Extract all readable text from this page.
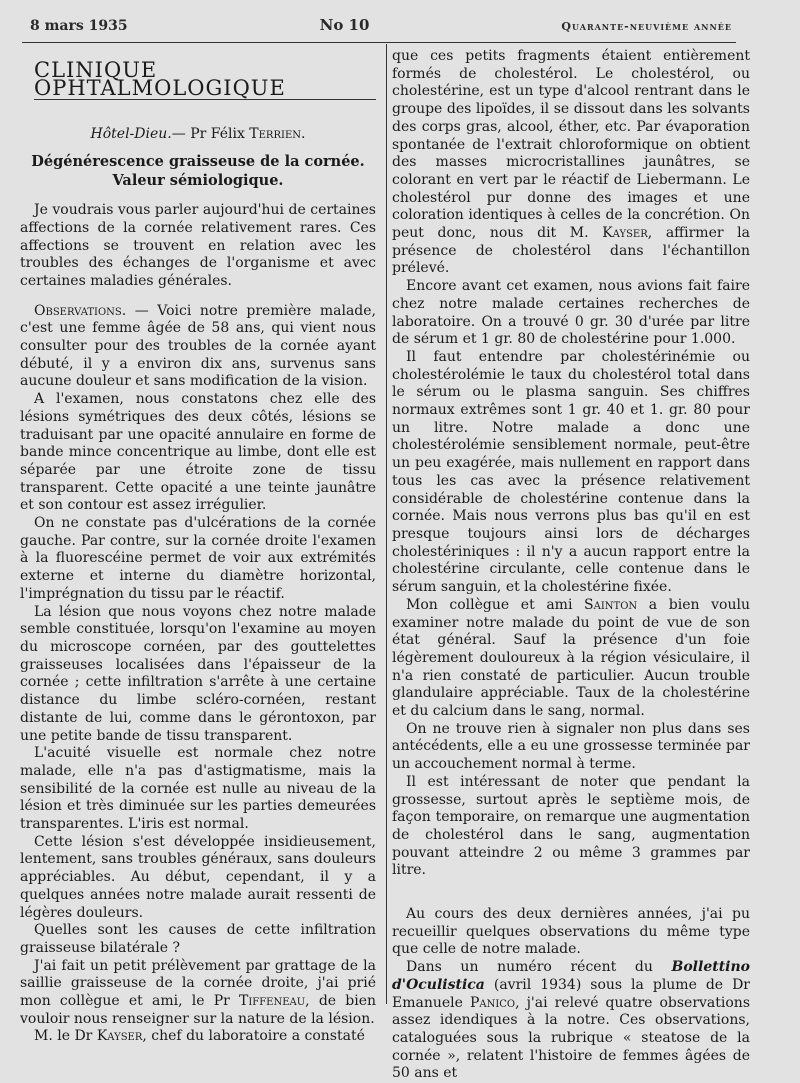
8 mars 1935	No 10	Quarante-neuvième année
CLINIQUE OPHTALMOLOGIQUE
Hôtel-Dieu.— Pr Félix Terrien.
Dégénérescence graisseuse de la cornée.
Valeur sémiologique.

Je voudrais vous parler aujourd'hui de certaines affections de la cornée relativement rares. Ces affections se trouvent en relation avec les troubles des échanges de l'organisme et avec certaines maladies générales.

Observations. — Voici notre première malade, c'est une femme âgée de 58 ans, qui vient nous consulter pour des troubles de la cornée ayant débuté, il y a environ dix ans, survenus sans aucune douleur et sans modification de la vision.

A l'examen, nous constatons chez elle des lésions symétriques des deux côtés, lésions se traduisant par une opacité annulaire en forme de bande mince concentrique au limbe, dont elle est séparée par une étroite zone de tissu transparent. Cette opacité a une teinte jaunâtre et son contour est assez irrégulier.

On ne constate pas d'ulcérations de la cornée gauche. Par contre, sur la cornée droite l'examen à la fluorescéine permet de voir aux extrémités externe et interne du diamètre horizontal, l'imprégnation du tissu par le réactif.

La lésion que nous voyons chez notre malade semble constituée, lorsqu'on l'examine au moyen du microscope cornéen, par des gouttelettes graisseuses localisées dans l'épaisseur de la cornée ; cette infiltration s'arrête à une certaine distance du limbe scléro-cornéen, restant distante de lui, comme dans le gérontoxon, par une petite bande de tissu transparent.

L'acuité visuelle est normale chez notre malade, elle n'a pas d'astigmatisme, mais la sensibilité de la cornée est nulle au niveau de la lésion et très diminuée sur les parties demeurées transparentes. L'iris est normal.

Cette lésion s'est développée insidieusement, lentement, sans troubles généraux, sans douleurs appréciables. Au début, cependant, il y a quelques années notre malade aurait ressenti de légères douleurs.

Quelles sont les causes de cette infiltration graisseuse bilatérale ?

J'ai fait un petit prélèvement par grattage de la saillie graisseuse de la cornée droite, j'ai prié mon collègue et ami, le Pr Tiffeneau, de bien vouloir nous renseigner sur la nature de la lésion.

M. le Dr Kayser, chef du laboratoire a constaté

que ces petits fragments étaient entièrement formés de cholestérol. Le cholestérol, ou cholestérine, est un type d'alcool rentrant dans le groupe des lipoïdes, il se dissout dans les solvants des corps gras, alcool, éther, etc. Par évaporation spontanée de l'extrait chloroformique on obtient des masses microcristallines jaunâtres, se colorant en vert par le réactif de Liebermann. Le cholestérol pur donne des images et une coloration identiques à celles de la concrétion. On peut donc, nous dit M. Kayser, affirmer la présence de cholestérol dans l'échantillon prélevé.

Encore avant cet examen, nous avions fait faire chez notre malade certaines recherches de laboratoire. On a trouvé 0 gr. 30 d'urée par litre de sérum et 1 gr. 80 de cholestérine pour 1.000.

Il faut entendre par cholestérinémie ou cholestérolémie le taux du cholestérol total dans le sérum ou le plasma sanguin. Ses chiffres normaux extrêmes sont 1 gr. 40 et 1. gr. 80 pour un litre. Notre malade a donc une cholestérolémie sensiblement normale, peut-être un peu exagérée, mais nullement en rapport dans tous les cas avec la présence relativement considérable de cholestérine contenue dans la cornée. Mais nous verrons plus bas qu'il en est presque toujours ainsi lors de décharges cholestériniques : il n'y a aucun rapport entre la cholestérine circulante, celle contenue dans le sérum sanguin, et la cholestérine fixée.

Mon collègue et ami Sainton a bien voulu examiner notre malade du point de vue de son état général. Sauf la présence d'un foie légèrement douloureux à la région vésiculaire, il n'a rien constaté de particulier. Aucun trouble glandulaire appréciable. Taux de la cholestérine et du calcium dans le sang, normal.

On ne trouve rien à signaler non plus dans ses antécédents, elle a eu une grossesse terminée par un accouchement normal à terme.

Il est intéressant de noter que pendant la grossesse, surtout après le septième mois, de façon temporaire, on remarque une augmentation de cholestérol dans le sang, augmentation pouvant atteindre 2 ou même 3 grammes par litre.

Au cours des deux dernières années, j'ai pu recueillir quelques observations du même type que celle de notre malade.

Dans un numéro récent du Bollettino d'Oculistica (avril 1934) sous la plume de Dr Emanuele Panico, j'ai relevé quatre observations assez idendiques à la notre. Ces observations, cataloguées sous la rubrique « steatose de la cornée », relatent l'histoire de femmes âgées de 50 ans et
